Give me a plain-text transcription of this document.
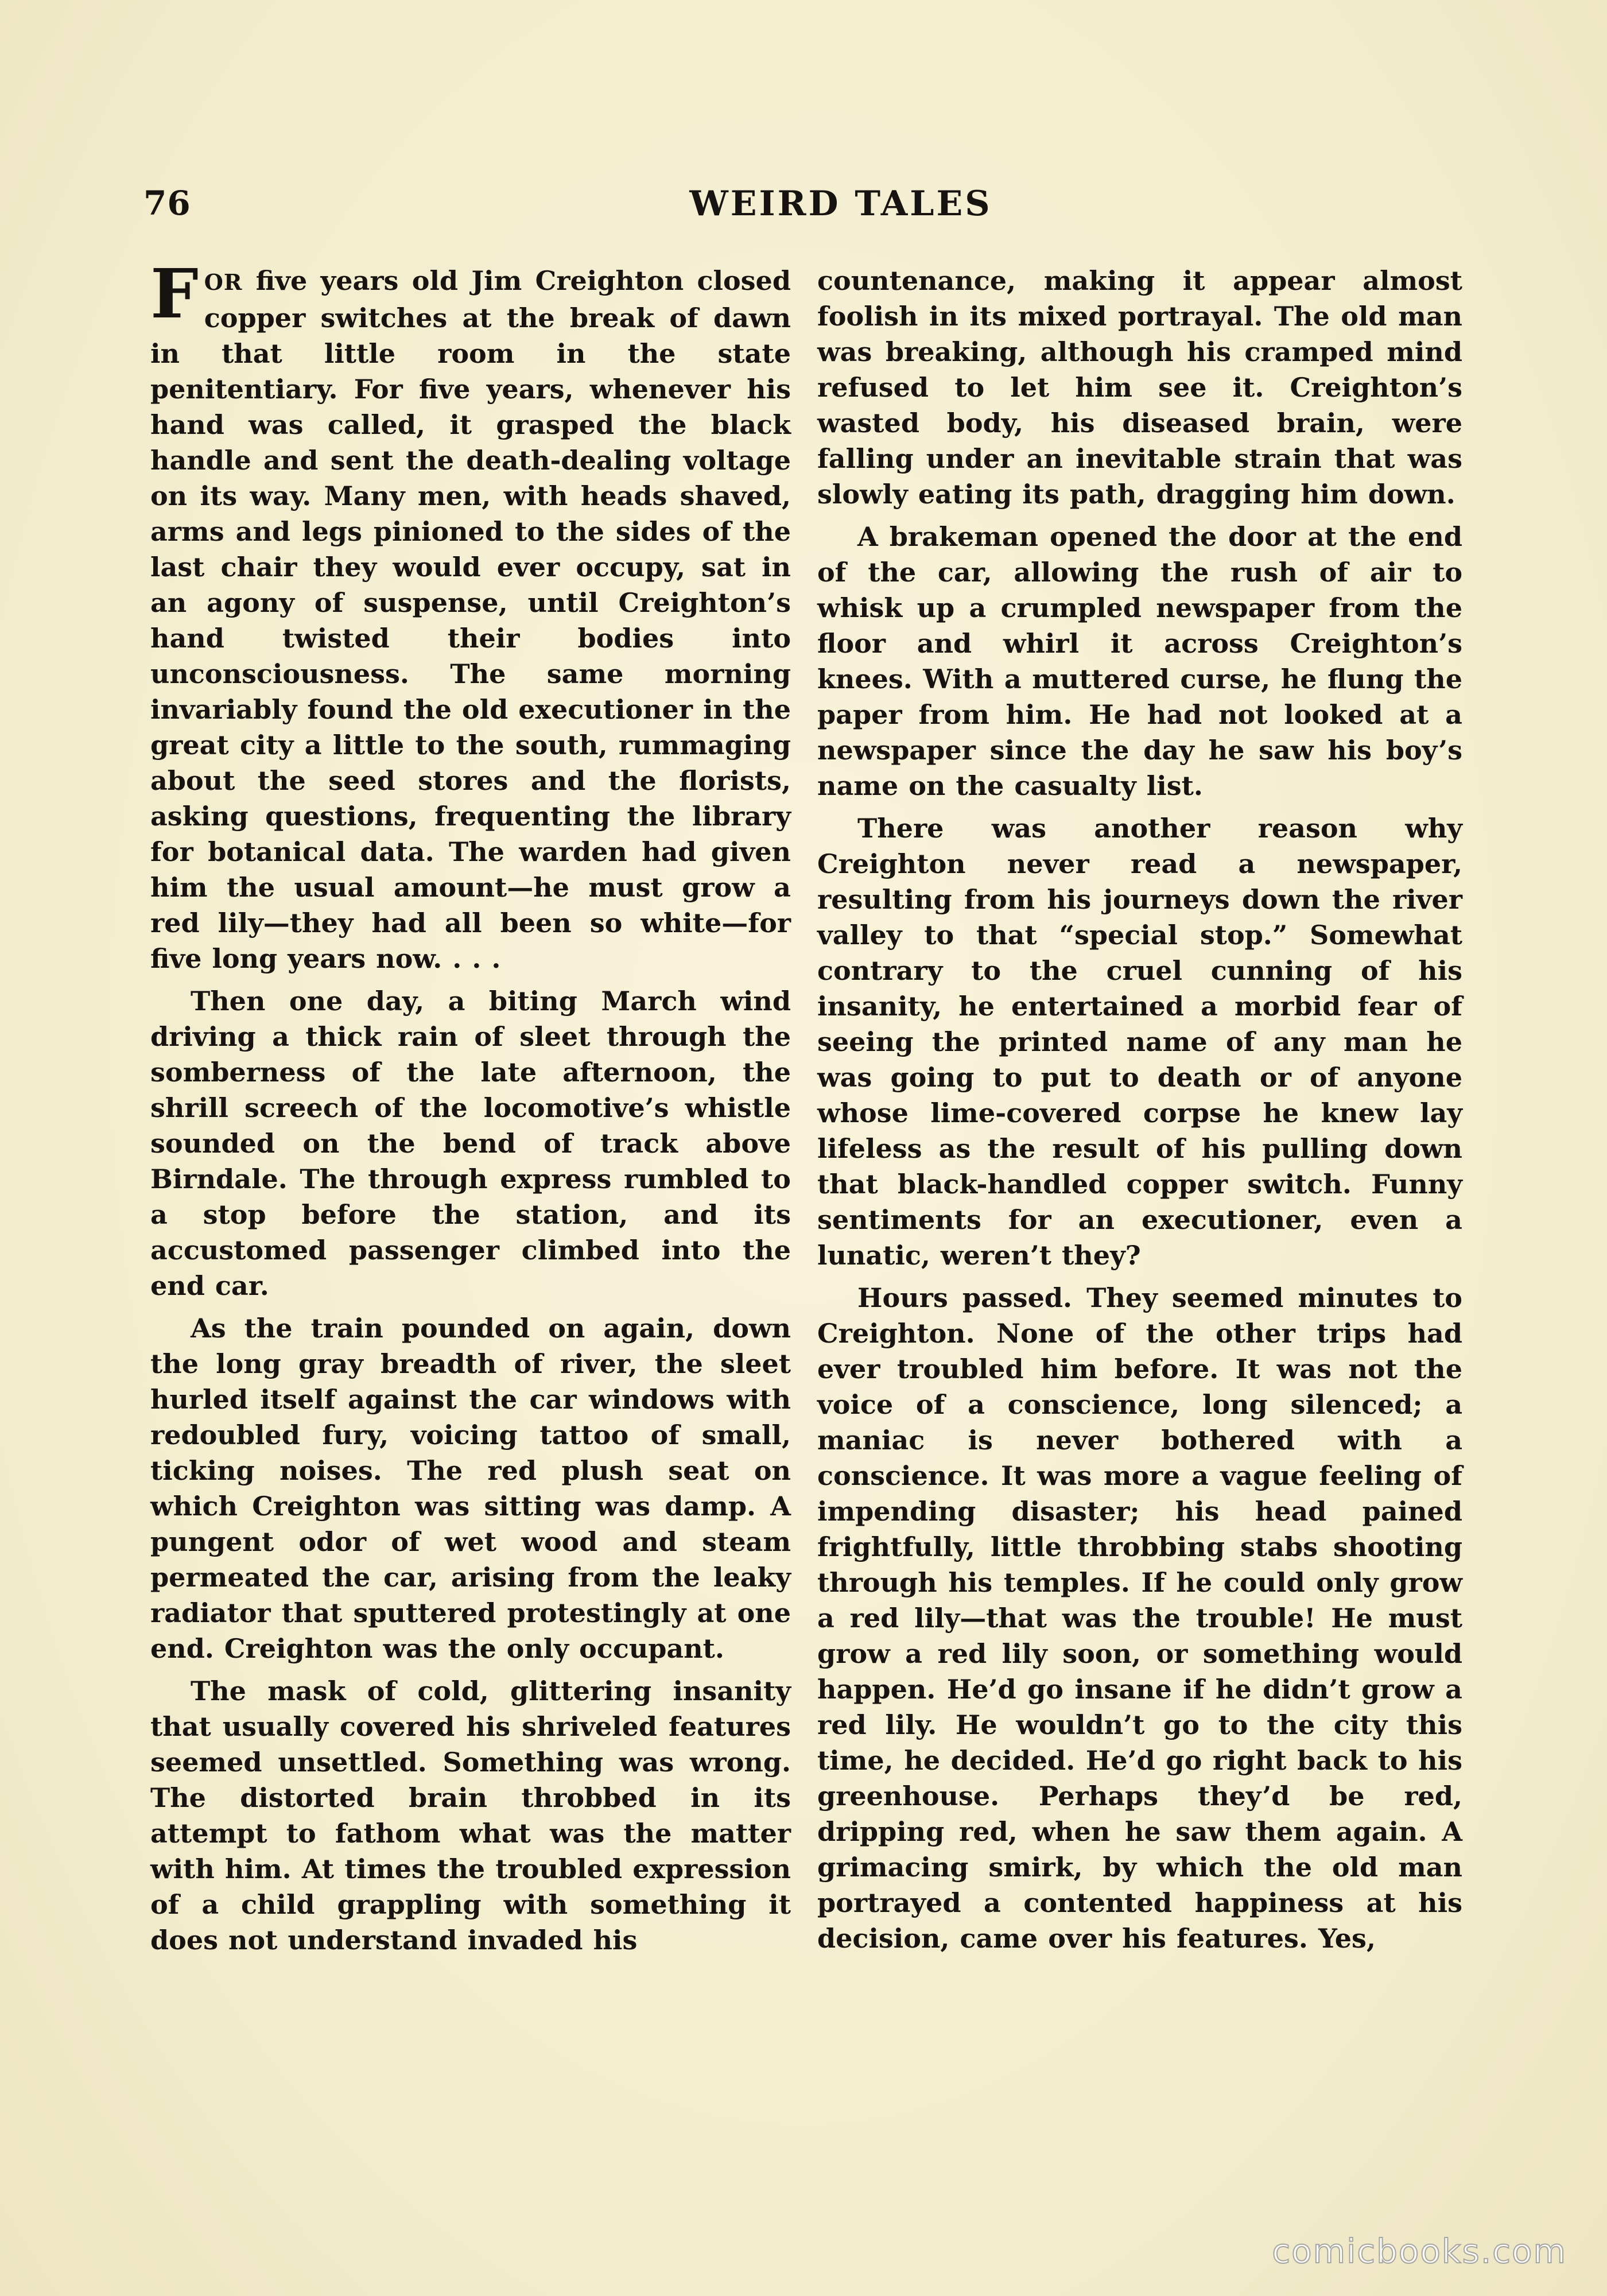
76	WEIRD TALES

FOR five years old Jim Creighton closed copper switches at the break of dawn in that little room in the state penitentiary. For five years, whenever his hand was called, it grasped the black handle and sent the death-dealing voltage on its way. Many men, with heads shaved, arms and legs pinioned to the sides of the last chair they would ever occupy, sat in an agony of suspense, until Creighton’s hand twisted their bodies into unconsciousness. The same morning invariably found the old executioner in the great city a little to the south, rummaging about the seed stores and the florists, asking questions, frequenting the library for botanical data. The warden had given him the usual amount—he must grow a red lily—they had all been so white—for five long years now. . . .

Then one day, a biting March wind driving a thick rain of sleet through the somberness of the late afternoon, the shrill screech of the locomotive’s whistle sounded on the bend of track above Birndale. The through express rumbled to a stop before the station, and its accustomed passenger climbed into the end car.

As the train pounded on again, down the long gray breadth of river, the sleet hurled itself against the car windows with redoubled fury, voicing tattoo of small, ticking noises. The red plush seat on which Creighton was sitting was damp. A pungent odor of wet wood and steam permeated the car, arising from the leaky radiator that sputtered protestingly at one end. Creighton was the only occupant.

The mask of cold, glittering insanity that usually covered his shriveled features seemed unsettled. Something was wrong. The distorted brain throbbed in its attempt to fathom what was the matter with him. At times the troubled expression of a child grappling with something it does not understand invaded his

countenance, making it appear almost foolish in its mixed portrayal. The old man was breaking, although his cramped mind refused to let him see it. Creighton’s wasted body, his diseased brain, were falling under an inevitable strain that was slowly eating its path, dragging him down.

A brakeman opened the door at the end of the car, allowing the rush of air to whisk up a crumpled newspaper from the floor and whirl it across Creighton’s knees. With a muttered curse, he flung the paper from him. He had not looked at a newspaper since the day he saw his boy’s name on the casualty list.

There was another reason why Creighton never read a newspaper, resulting from his journeys down the river valley to that “special stop.” Somewhat contrary to the cruel cunning of his insanity, he entertained a morbid fear of seeing the printed name of any man he was going to put to death or of anyone whose lime-covered corpse he knew lay lifeless as the result of his pulling down that black-handled copper switch. Funny sentiments for an executioner, even a lunatic, weren’t they?

Hours passed. They seemed minutes to Creighton. None of the other trips had ever troubled him before. It was not the voice of a conscience, long silenced; a maniac is never bothered with a conscience. It was more a vague feeling of impending disaster; his head pained frightfully, little throbbing stabs shooting through his temples. If he could only grow a red lily—that was the trouble! He must grow a red lily soon, or something would happen. He’d go insane if he didn’t grow a red lily. He wouldn’t go to the city this time, he decided. He’d go right back to his greenhouse. Perhaps they’d be red, dripping red, when he saw them again. A grimacing smirk, by which the old man portrayed a contented happiness at his decision, came over his features. Yes,

comicbooks.com
